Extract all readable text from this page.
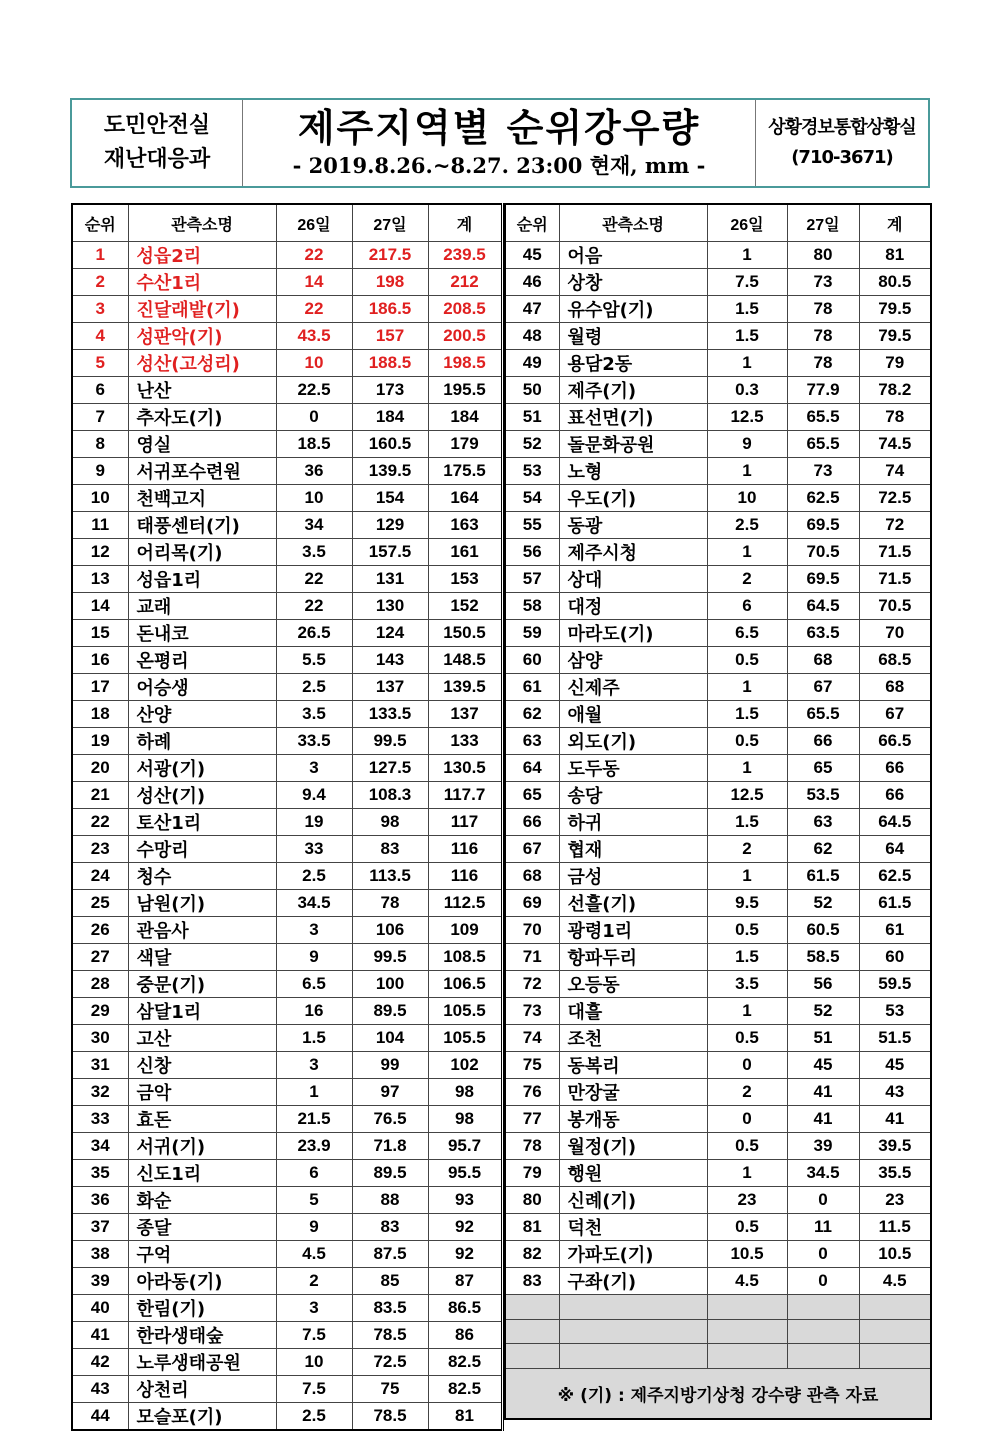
도민안전실
재난대응과
제주지역별 순위강우량
- 2019.8.26.~8.27. 23:00 현재, mm -
상황경보통합상황실
(710-3671)
순위	관측소명	26일	27일	계
1	성읍2리	22	217.5	239.5
2	수산1리	14	198	212
3	진달래밭(기)	22	186.5	208.5
4	성판악(기)	43.5	157	200.5
5	성산(고성리)	10	188.5	198.5
6	난산	22.5	173	195.5
7	추자도(기)	0	184	184
8	영실	18.5	160.5	179
9	서귀포수련원	36	139.5	175.5
10	천백고지	10	154	164
11	태풍센터(기)	34	129	163
12	어리목(기)	3.5	157.5	161
13	성읍1리	22	131	153
14	교래	22	130	152
15	돈내코	26.5	124	150.5
16	온평리	5.5	143	148.5
17	어승생	2.5	137	139.5
18	산양	3.5	133.5	137
19	하례	33.5	99.5	133
20	서광(기)	3	127.5	130.5
21	성산(기)	9.4	108.3	117.7
22	토산1리	19	98	117
23	수망리	33	83	116
24	청수	2.5	113.5	116
25	남원(기)	34.5	78	112.5
26	관음사	3	106	109
27	색달	9	99.5	108.5
28	중문(기)	6.5	100	106.5
29	삼달1리	16	89.5	105.5
30	고산	1.5	104	105.5
31	신창	3	99	102
32	금악	1	97	98
33	효돈	21.5	76.5	98
34	서귀(기)	23.9	71.8	95.7
35	신도1리	6	89.5	95.5
36	화순	5	88	93
37	종달	9	83	92
38	구억	4.5	87.5	92
39	아라동(기)	2	85	87
40	한림(기)	3	83.5	86.5
41	한라생태숲	7.5	78.5	86
42	노루생태공원	10	72.5	82.5
43	상천리	7.5	75	82.5
44	모슬포(기)	2.5	78.5	81
순위	관측소명	26일	27일	계
45	어음	1	80	81
46	상창	7.5	73	80.5
47	유수암(기)	1.5	78	79.5
48	월령	1.5	78	79.5
49	용담2동	1	78	79
50	제주(기)	0.3	77.9	78.2
51	표선면(기)	12.5	65.5	78
52	돌문화공원	9	65.5	74.5
53	노형	1	73	74
54	우도(기)	10	62.5	72.5
55	동광	2.5	69.5	72
56	제주시청	1	70.5	71.5
57	상대	2	69.5	71.5
58	대정	6	64.5	70.5
59	마라도(기)	6.5	63.5	70
60	삼양	0.5	68	68.5
61	신제주	1	67	68
62	애월	1.5	65.5	67
63	외도(기)	0.5	66	66.5
64	도두동	1	65	66
65	송당	12.5	53.5	66
66	하귀	1.5	63	64.5
67	협재	2	62	64
68	금성	1	61.5	62.5
69	선흘(기)	9.5	52	61.5
70	광령1리	0.5	60.5	61
71	항파두리	1.5	58.5	60
72	오등동	3.5	56	59.5
73	대흘	1	52	53
74	조천	0.5	51	51.5
75	동복리	0	45	45
76	만장굴	2	41	43
77	봉개동	0	41	41
78	월정(기)	0.5	39	39.5
79	행원	1	34.5	35.5
80	신례(기)	23	0	23
81	덕천	0.5	11	11.5
82	가파도(기)	10.5	0	10.5
83	구좌(기)	4.5	0	4.5

※ (기) : 제주지방기상청 강수량 관측 자료				
